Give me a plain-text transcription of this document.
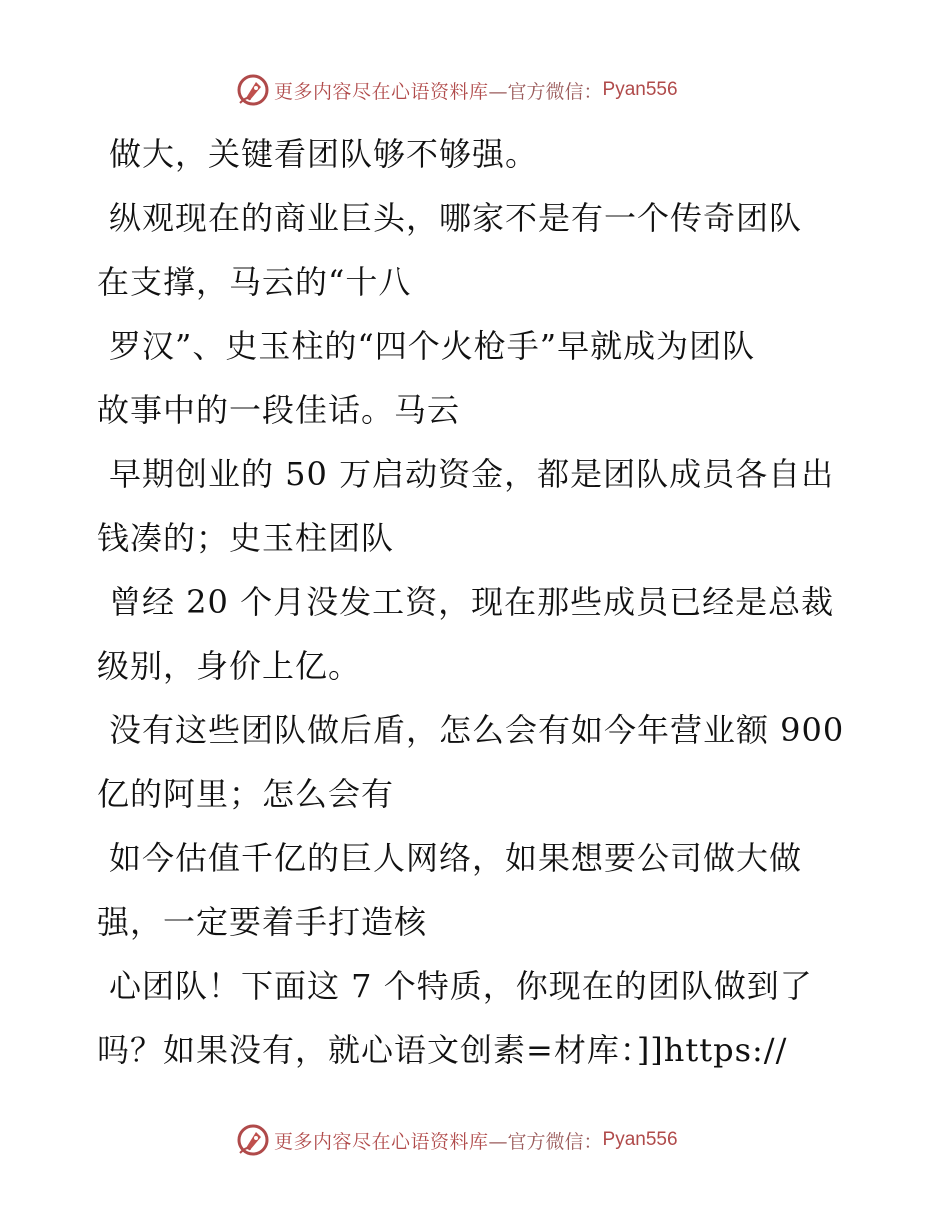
更多内容尽在心语资料库 —官方微信： Pyan556
做大，关键看团队够不够强。
纵观现在的商业巨头，哪家不是有一个传奇团队
在支撑，马云的“十八
罗汉”、史玉柱的“四个火枪手”早就成为团队
故事中的一段佳话。马云
早期创业的 50 万启动资金，都是团队成员各自出
钱凑的；史玉柱团队
曾经 20 个月没发工资，现在那些成员已经是总裁
级别，身价上亿。
没有这些团队做后盾，怎么会有如今年营业额 900
亿的阿里；怎么会有
如今估值千亿的巨人网络，如果想要公司做大做
强，一定要着手打造核
心团队！下面这 7 个特质，你现在的团队做到了
吗？如果没有，就心语文创素=材库：]]https://
更多内容尽在心语资料库 —官方微信： Pyan556
